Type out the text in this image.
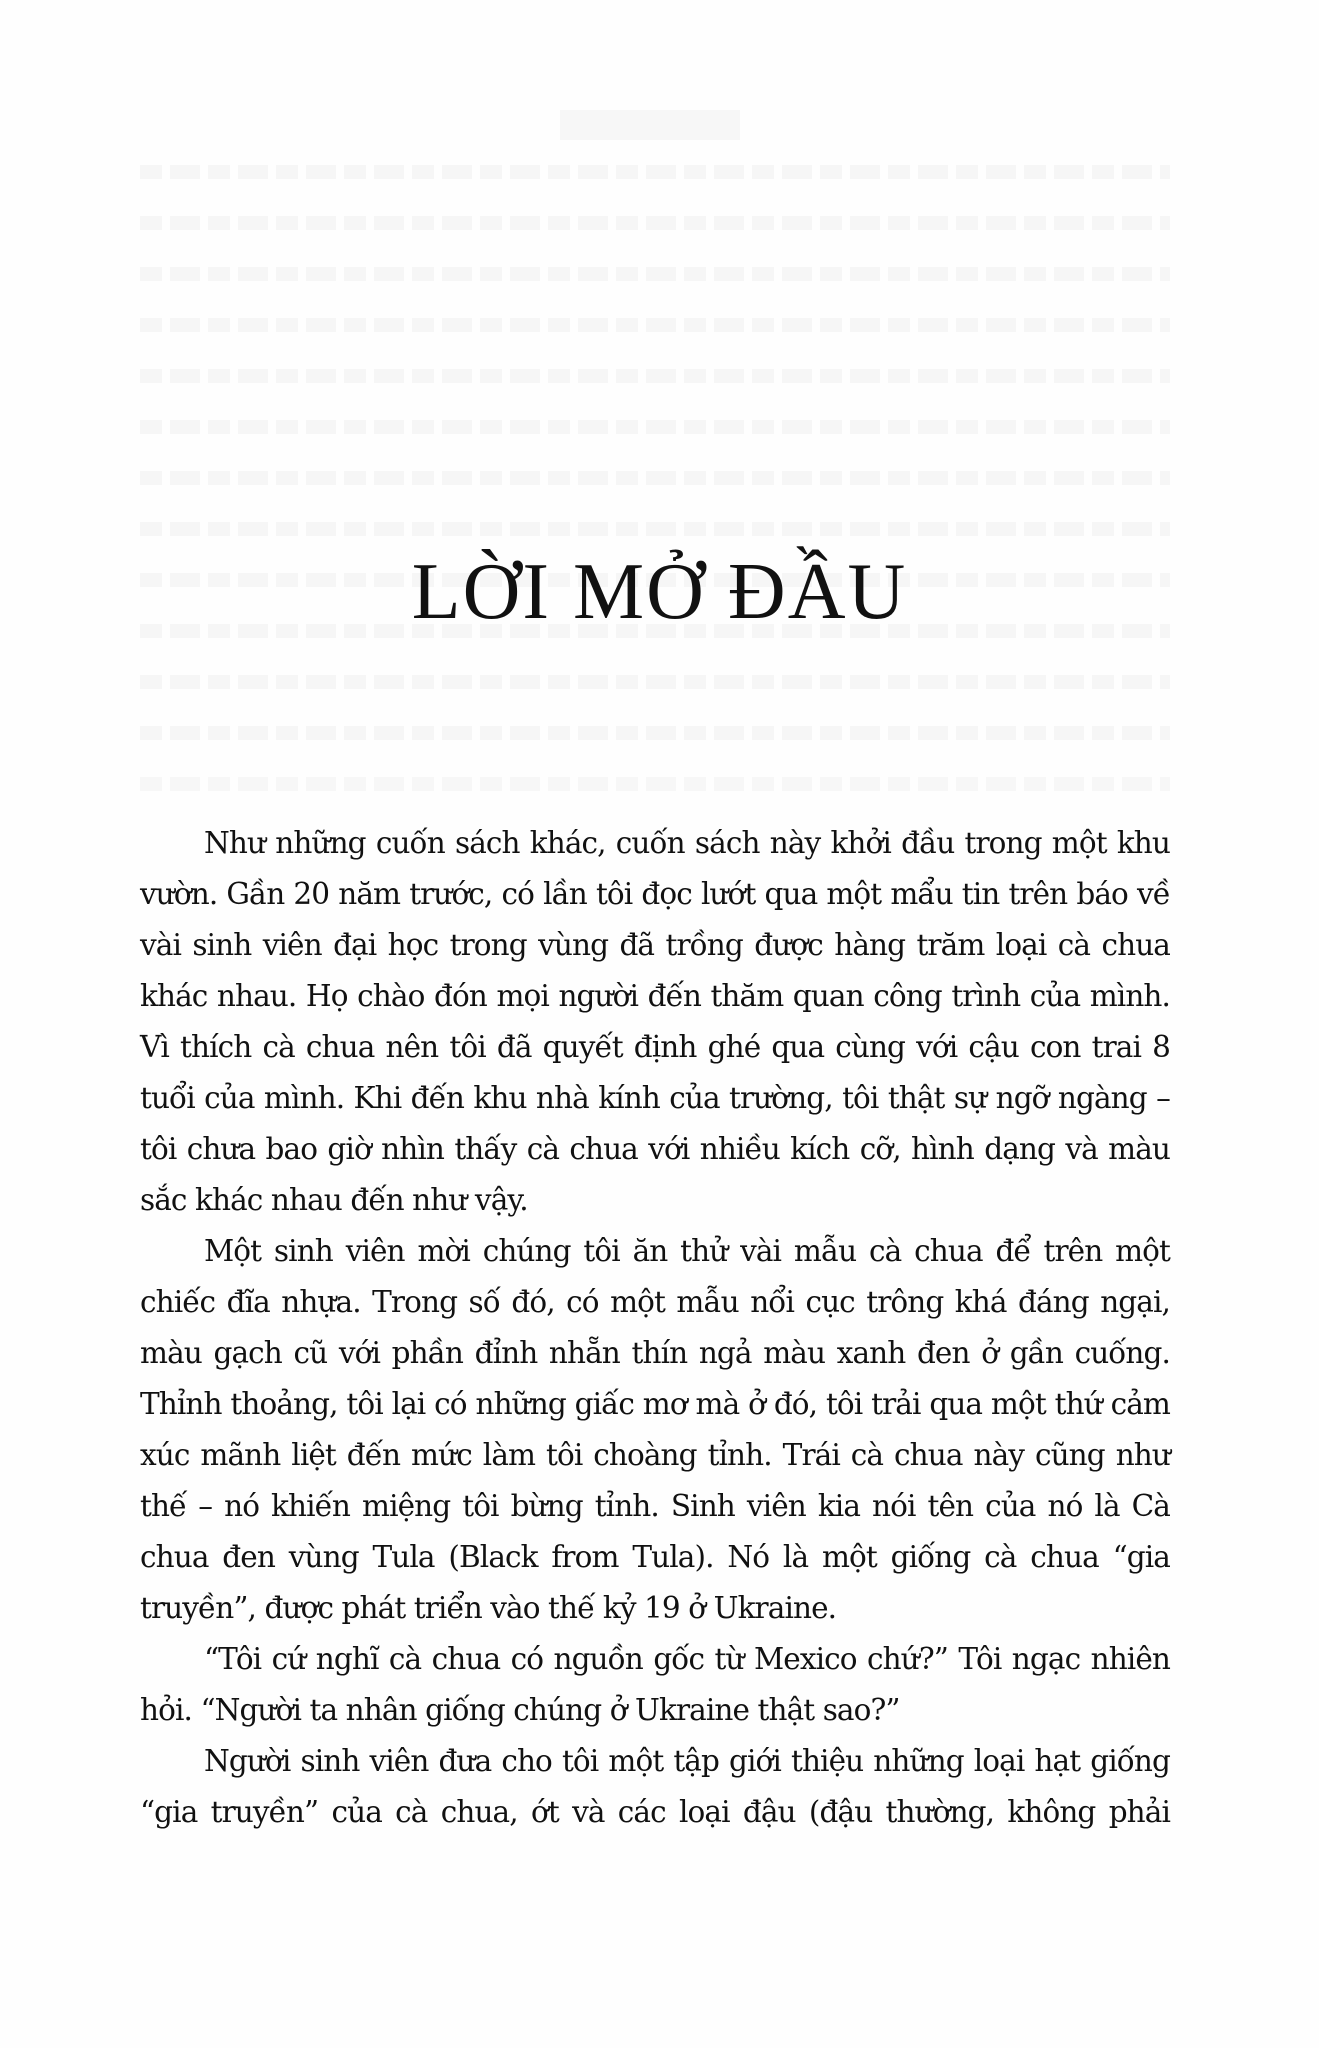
LỜI MỞ ĐẦU

Như những cuốn sách khác, cuốn sách này khởi đầu trong một khu vườn. Gần 20 năm trước, có lần tôi đọc lướt qua một mẩu tin trên báo về vài sinh viên đại học trong vùng đã trồng được hàng trăm loại cà chua khác nhau. Họ chào đón mọi người đến thăm quan công trình của mình. Vì thích cà chua nên tôi đã quyết định ghé qua cùng với cậu con trai 8 tuổi của mình. Khi đến khu nhà kính của trường, tôi thật sự ngỡ ngàng – tôi chưa bao giờ nhìn thấy cà chua với nhiều kích cỡ, hình dạng và màu sắc khác nhau đến như vậy.

Một sinh viên mời chúng tôi ăn thử vài mẫu cà chua để trên một chiếc đĩa nhựa. Trong số đó, có một mẫu nổi cục trông khá đáng ngại, màu gạch cũ với phần đỉnh nhẵn thín ngả màu xanh đen ở gần cuống. Thỉnh thoảng, tôi lại có những giấc mơ mà ở đó, tôi trải qua một thứ cảm xúc mãnh liệt đến mức làm tôi choàng tỉnh. Trái cà chua này cũng như thế – nó khiến miệng tôi bừng tỉnh. Sinh viên kia nói tên của nó là Cà chua đen vùng Tula (Black from Tula). Nó là một giống cà chua “gia truyền”, được phát triển vào thế kỷ 19 ở Ukraine.

“Tôi cứ nghĩ cà chua có nguồn gốc từ Mexico chứ?” Tôi ngạc nhiên hỏi. “Người ta nhân giống chúng ở Ukraine thật sao?”

Người sinh viên đưa cho tôi một tập giới thiệu những loại hạt giống “gia truyền” của cà chua, ớt và các loại đậu (đậu thường, không phải
